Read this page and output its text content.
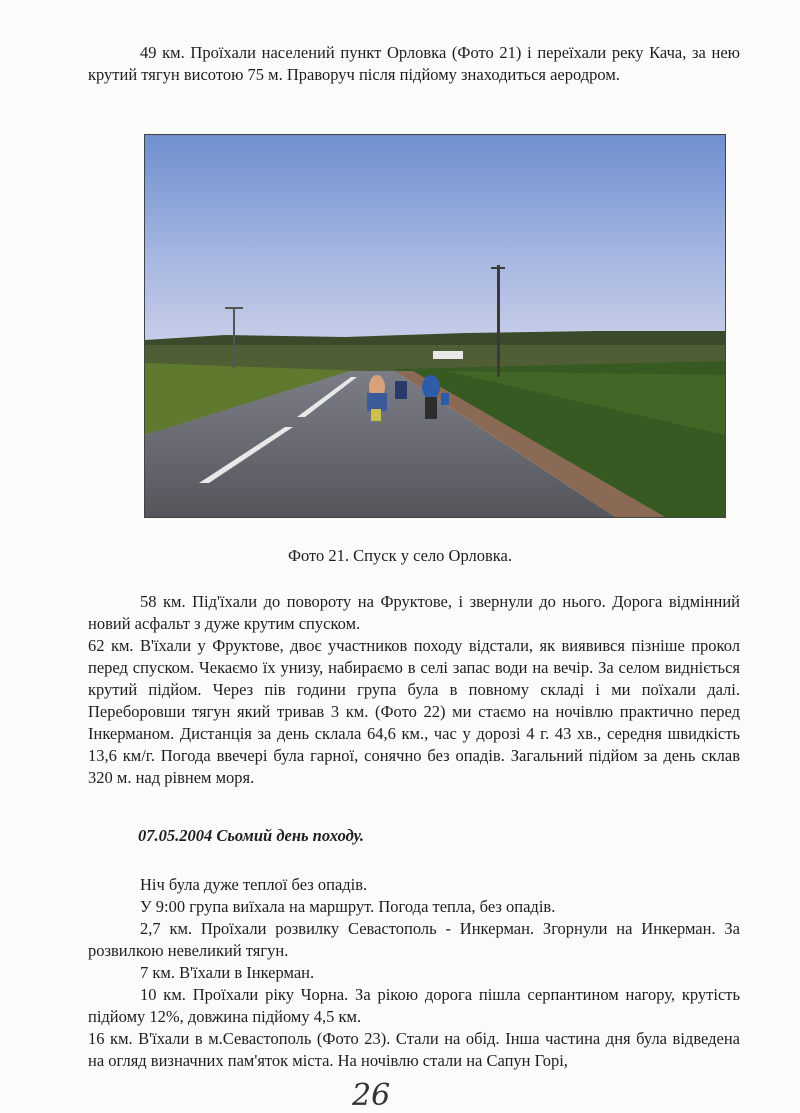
49 км. Проїхали населений пункт Орловка (Фото 21) і переїхали реку Кача, за нею крутий тягун висотою 75 м. Праворуч після підйому знаходиться аеродром.

Фото 21. Спуск у село Орловка.

58 км. Під'їхали до повороту на Фруктове, і звернули до нього. Дорога відмінний новий асфальт з дуже крутим спуском.

62 км. В'їхали у Фруктове, двоє участников походу відстали, як виявився пізніше прокол перед спуском. Чекаємо їх унизу, набираємо в селі запас води на вечір. За селом видніється крутий підйом. Через пів години група була в повному складі і ми поїхали далі. Переборовши тягун який тривав 3 км. (Фото 22) ми стаємо на ночівлю практично перед Інкерманом. Дистанція за день склала 64,6 км., час у дорозі 4 г. 43 хв., середня швидкість 13,6 км/г. Погода ввечері була гарної, сонячно без опадів. Загальний підйом за день склав 320 м. над рівнем моря.

07.05.2004 Сьомий день походу.

Ніч була дуже теплої без опадів.

У 9:00 група виїхала на маршрут. Погода тепла, без опадів.

2,7 км. Проїхали розвилку Севастополь - Инкерман. Згорнули на Инкерман. За розвилкою невеликий тягун.

7 км. В'їхали в Інкерман.

10 км. Проїхали ріку Чорна. За рікою дорога пішла серпантином нагору, крутість підйому 12%, довжина підйому 4,5 км.

16 км. В'їхали в м.Севастополь (Фото 23). Стали на обід. Інша частина дня була відведена на огляд визначних пам'яток міста. На ночівлю стали на Сапун Горі,

26
